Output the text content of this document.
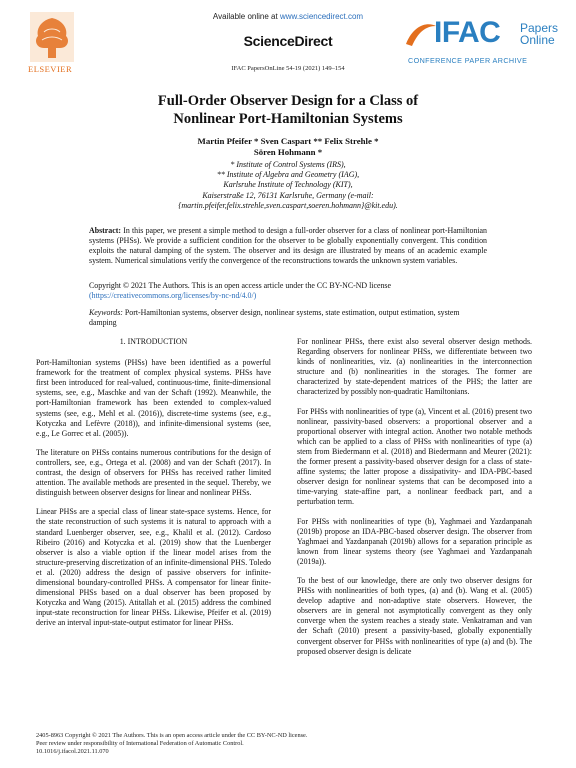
ELSEVIER
Available online at www.sciencedirect.com
ScienceDirect
IFAC PapersOnLine 54-19 (2021) 149–154
IFAC Papers
Online
CONFERENCE PAPER ARCHIVE
Full-Order Observer Design for a Class of
Nonlinear Port-Hamiltonian Systems
Martin Pfeifer * Sven Caspart ** Felix Strehle *
Sören Hohmann *
* Institute of Control Systems (IRS),
** Institute of Algebra and Geometry (IAG),
Karlsruhe Institute of Technology (KIT),
Kaiserstraße 12, 76131 Karlsruhe, Germany (e-mail:
{martin.pfeifer,felix.strehle,sven.caspart,soeren.hohmann}@kit.edu).
Abstract: In this paper, we present a simple method to design a full-order observer for a class of nonlinear port-Hamiltonian systems (PHSs). We provide a sufficient condition for the observer to be globally exponentially convergent. This condition exploits the natural damping of the system. The observer and its design are illustrated by means of an academic example system. Numerical simulations verify the convergence of the reconstructions towards the unknown system variables.
Copyright © 2021 The Authors. This is an open access article under the CC BY-NC-ND license
(https://creativecommons.org/licenses/by-nc-nd/4.0/)
Keywords: Port-Hamiltonian systems, observer design, nonlinear systems, state estimation, output estimation, system damping
1. INTRODUCTION

Port-Hamiltonian systems (PHSs) have been identified as a powerful framework for the treatment of complex physical systems. PHSs have first been introduced for real-valued, continuous-time, finite-dimensional systems, see, e.g., Maschke and van der Schaft (1992). Meanwhile, the port-Hamiltonian framework has been extended to complex-valued systems (see, e.g., Mehl et al. (2016)), discrete-time systems (see, e.g., Kotyczka and Lefèvre (2018)), and infinite-dimensional systems (see, e.g., Le Gorrec et al. (2005)).

The literature on PHSs contains numerous contributions for the design of controllers, see, e.g., Ortega et al. (2008) and van der Schaft (2017). In contrast, the design of observers for PHSs has received rather limited attention. The available methods are presented in the sequel. Thereby, we distinguish between observer designs for linear and nonlinear PHSs.

Linear PHSs are a special class of linear state-space systems. Hence, for the state reconstruction of such systems it is natural to approach with a standard Luenberger observer, see, e.g., Khalil et al. (2012). Cardoso Ribeiro (2016) and Kotyczka et al. (2019) show that the Luenberger observer is also a viable option if the linear model arises from the structure-preserving discretization of an infinite-dimensional PHS. Toledo et al. (2020) address the design of passive observers for infinite-dimensional boundary-controlled PHSs. A compensator for linear finite-dimensional PHSs based on a dual observer has been proposed by Kotyczka and Wang (2015). Atitallah et al. (2015) address the combined input-state reconstruction for linear PHSs. Likewise, Pfeifer et al. (2019) derive an interval input-state-output estimator for linear PHSs.

For nonlinear PHSs, there exist also several observer design methods. Regarding observers for nonlinear PHSs, we differentiate between two kinds of nonlinearities, viz. (a) nonlinearities in the interconnection structure and (b) nonlinearities in the storages. The former are characterized by state-dependent matrices of the PHS; the latter are characterized by possibly non-quadratic Hamiltonians.

For PHSs with nonlinearities of type (a), Vincent et al. (2016) present two nonlinear, passivity-based observers: a proportional observer and a proportional observer with integral action. Another two notable methods which can be applied to a class of PHSs with nonlinearities of type (a) stem from Biedermann et al. (2018) and Biedermann and Meurer (2021): the former present a passivity-based observer design for a class of state-affine systems; the latter propose a dissipativity- and IDA-PBC-based observer design for nonlinear systems that can be decomposed into a time-varying state-affine part, a nonlinear feedback part, and a perturbation term.

For PHSs with nonlinearities of type (b), Yaghmaei and Yazdanpanah (2019b) propose an IDA-PBC-based observer design. The observer from Yaghmaei and Yazdanpanah (2019b) allows for a separation principle as known from linear systems theory (see Yaghmaei and Yazdanpanah (2019a)).

To the best of our knowledge, there are only two observer designs for PHSs with nonlinearities of both types, (a) and (b). Wang et al. (2005) develop adaptive and non-adaptive state observers. However, the observers are in general not asymptotically convergent as they only converge when the system reaches a steady state. Venkatraman and van der Schaft (2010) present a passivity-based, globally exponentially convergent observer for PHSs with nonlinearities of type (a) and (b). The proposed observer design is delicate

2405-8963 Copyright © 2021 The Authors. This is an open access article under the CC BY-NC-ND license.
Peer review under responsibility of International Federation of Automatic Control.
10.1016/j.ifacol.2021.11.070
